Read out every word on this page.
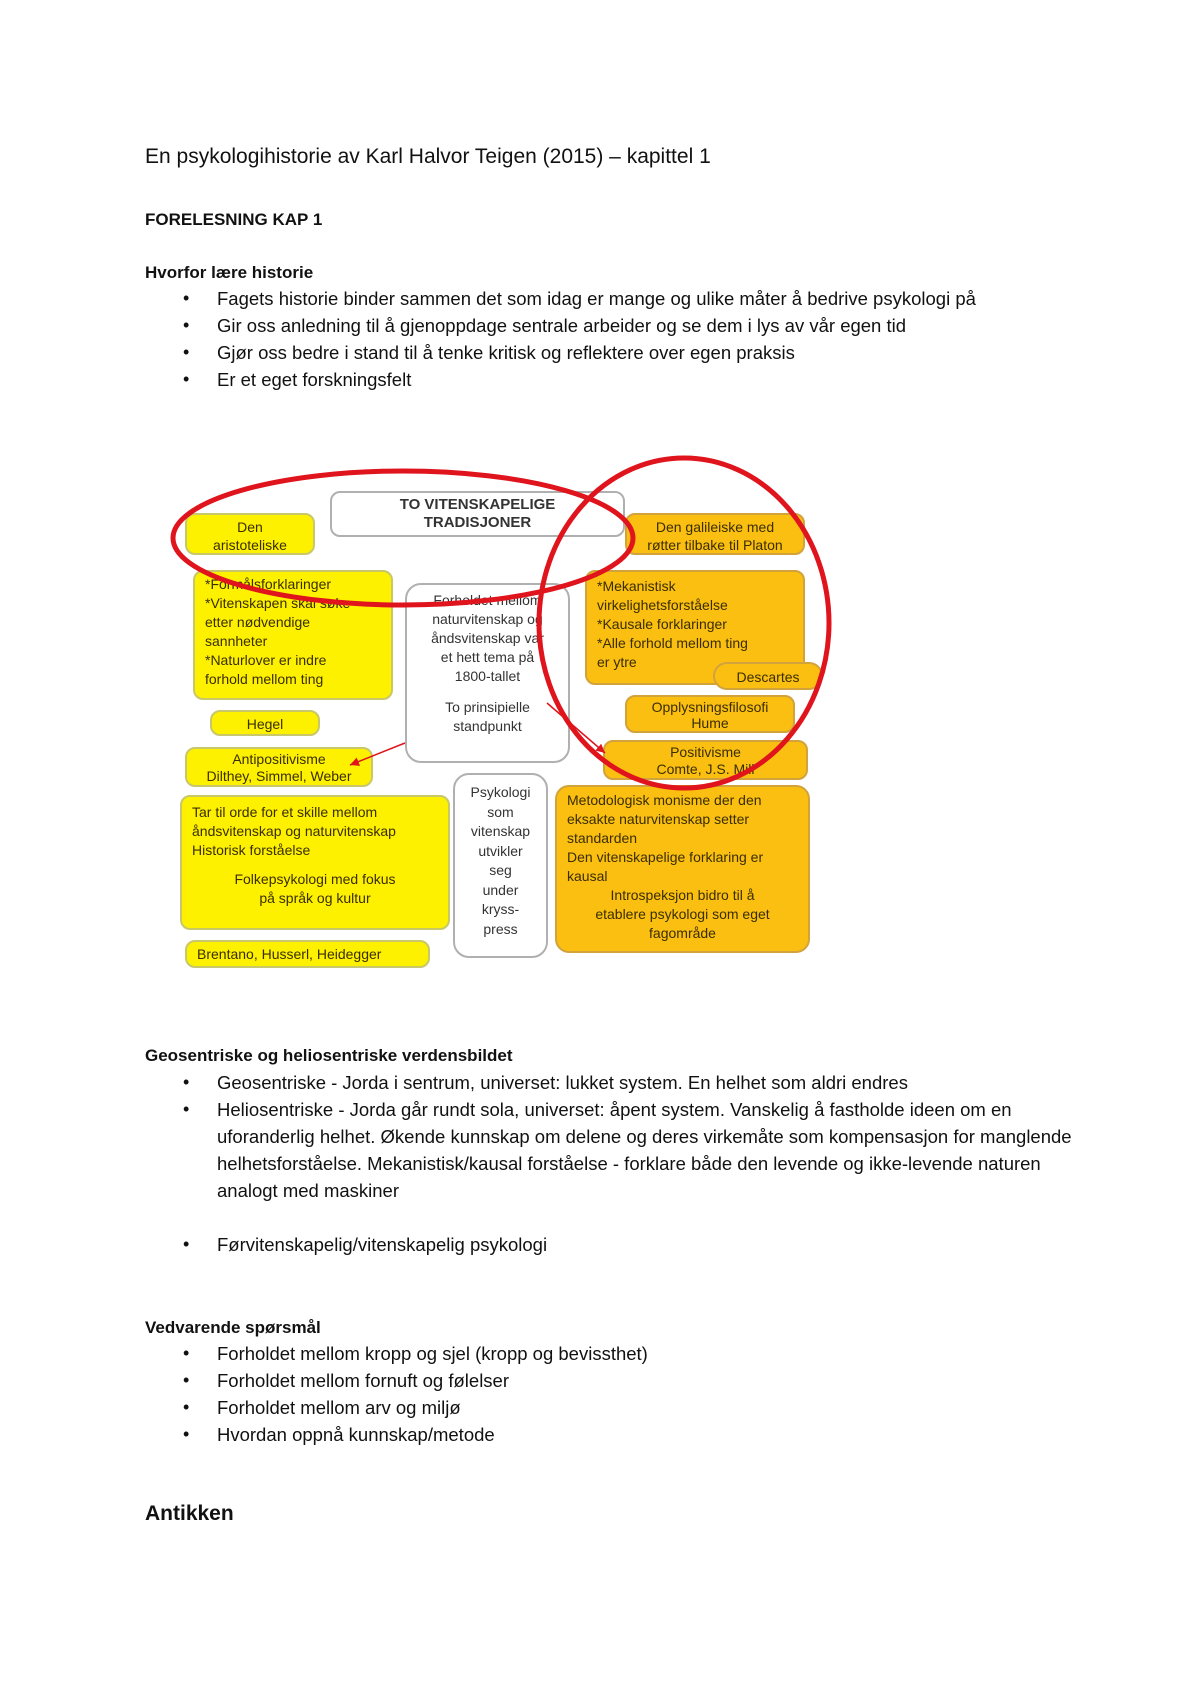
En psykologihistorie av Karl Halvor Teigen (2015) – kapittel 1
FORELESNING KAP 1
Hvorfor lære historie
• Fagets historie binder sammen det som idag er mange og ulike måter å bedrive psykologi på
• Gir oss anledning til å gjenoppdage sentrale arbeider og se dem i lys av vår egen tid
• Gjør oss bedre i stand til å tenke kritisk og reflektere over egen praksis
• Er et eget forskningsfelt
TO VITENSKAPELIGE
TRADISJONER
Den
aristoteliske
*Formålsforklaringer
*Vitenskapen skal søke
etter nødvendige
sannheter
*Naturlover er indre
forhold mellom ting
Hegel
Antipositivisme
Dilthey, Simmel, Weber
Tar til orde for et skille mellom
åndsvitenskap og naturvitenskap
Historisk forståelse
Folkepsykologi med fokus
på språk og kultur
Brentano, Husserl, Heidegger
Forholdet mellom
naturvitenskap og
åndsvitenskap var
et hett tema på
1800-tallet
To prinsipielle
standpunkt
Psykologi
som
vitenskap
utvikler
seg
under
kryss-
press
Den galileiske med
røtter tilbake til Platon
*Mekanistisk
virkelighetsforståelse
*Kausale forklaringer
*Alle forhold mellom ting
er ytre
Descartes
Opplysningsfilosofi
Hume
Positivisme
Comte, J.S. Mill
Metodologisk monisme der den
eksakte naturvitenskap setter
standarden
Den vitenskapelige forklaring er
kausal
Introspeksjon bidro til å
etablere psykologi som eget
fagområde
Geosentriske og heliosentriske verdensbildet
• Geosentriske - Jorda i sentrum, universet: lukket system. En helhet som aldri endres
• Heliosentriske - Jorda går rundt sola, universet: åpent system. Vanskelig å fastholde ideen om en uforanderlig helhet. Økende kunnskap om delene og deres virkemåte som kompensasjon for manglende helhetsforståelse. Mekanistisk/kausal forståelse - forklare både den levende og ikke-levende naturen analogt med maskiner
• Førvitenskapelig/vitenskapelig psykologi
Vedvarende spørsmål
• Forholdet mellom kropp og sjel (kropp og bevissthet)
• Forholdet mellom fornuft og følelser
• Forholdet mellom arv og miljø
• Hvordan oppnå kunnskap/metode
Antikken
